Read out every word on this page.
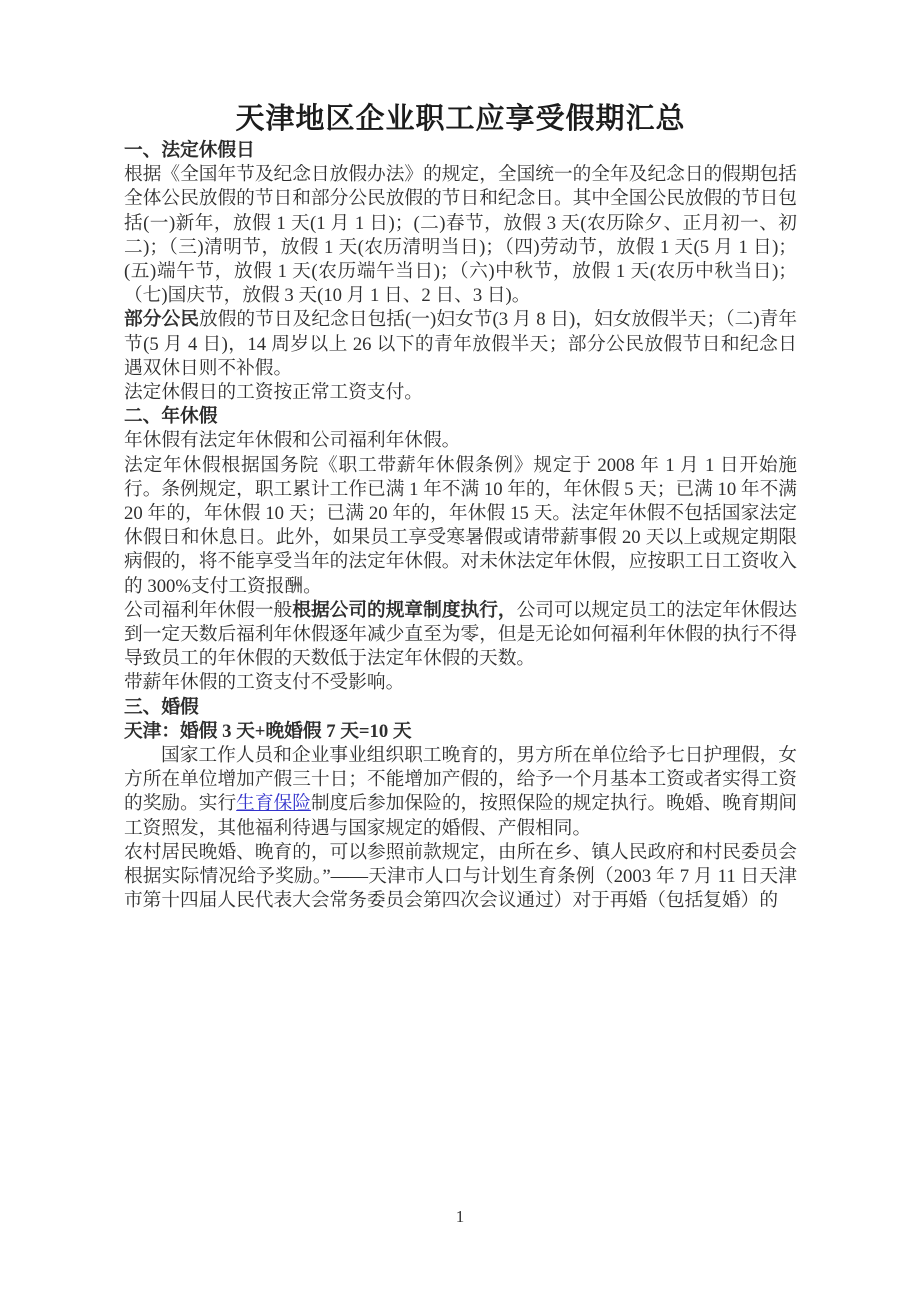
天津地区企业职工应享受假期汇总
一、法定休假日

根据《全国年节及纪念日放假办法》的规定，全国统一的全年及纪念日的假期包括全体公民放假的节日和部分公民放假的节日和纪念日。其中全国公民放假的节日包括(一)新年，放假 1 天(1 月 1 日)；(二)春节，放假 3 天(农历除夕、正月初一、初二)；（三)清明节，放假 1 天(农历清明当日)；（四)劳动节，放假 1 天(5 月 1 日)；(五)端午节，放假 1 天(农历端午当日)；（六)中秋节，放假 1 天(农历中秋当日)；（七)国庆节，放假 3 天(10 月 1 日、2 日、3 日)。

部分公民放假的节日及纪念日包括(一)妇女节(3 月 8 日)，妇女放假半天；（二)青年节(5 月 4 日)，14 周岁以上 26 以下的青年放假半天；部分公民放假节日和纪念日遇双休日则不补假。

法定休假日的工资按正常工资支付。

二、年休假

年休假有法定年休假和公司福利年休假。

法定年休假根据国务院《职工带薪年休假条例》规定于 2008 年 1 月 1 日开始施行。条例规定，职工累计工作已满 1 年不满 10 年的，年休假 5 天；已满 10 年不满 20 年的，年休假 10 天；已满 20 年的，年休假 15 天。法定年休假不包括国家法定休假日和休息日。此外，如果员工享受寒暑假或请带薪事假 20 天以上或规定期限病假的，将不能享受当年的法定年休假。对未休法定年休假，应按职工日工资收入的 300%支付工资报酬。

公司福利年休假一般根据公司的规章制度执行，公司可以规定员工的法定年休假达到一定天数后福利年休假逐年减少直至为零，但是无论如何福利年休假的执行不得导致员工的年休假的天数低于法定年休假的天数。

带薪年休假的工资支付不受影响。

三、婚假

天津：婚假 3 天+晚婚假 7 天=10 天

国家工作人员和企业事业组织职工晚育的，男方所在单位给予七日护理假，女方所在单位增加产假三十日；不能增加产假的，给予一个月基本工资或者实得工资的奖励。实行生育保险制度后参加保险的，按照保险的规定执行。晚婚、晚育期间工资照发，其他福利待遇与国家规定的婚假、产假相同。

农村居民晚婚、晚育的，可以参照前款规定，由所在乡、镇人民政府和村民委员会根据实际情况给予奖励。”——天津市人口与计划生育条例（2003 年 7 月 11 日天津市第十四届人民代表大会常务委员会第四次会议通过）对于再婚（包括复婚）的

1
